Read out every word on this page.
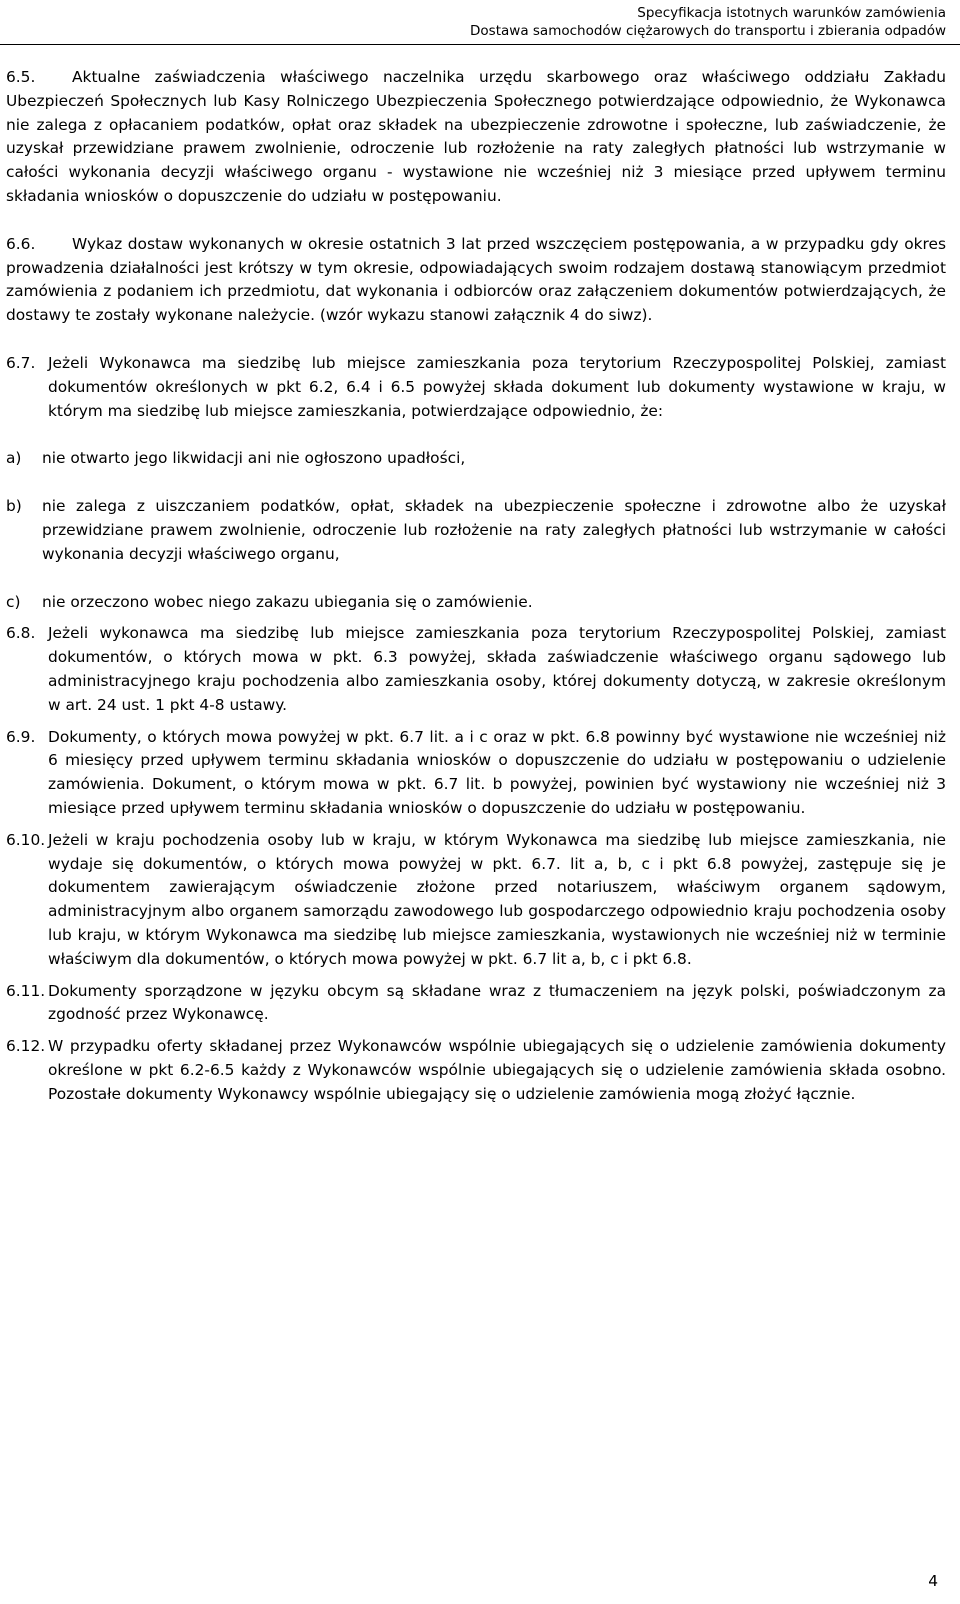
Specyfikacja istotnych warunków zamówienia
Dostawa samochodów ciężarowych do transportu i zbierania odpadów

6.5. Aktualne zaświadczenia właściwego naczelnika urzędu skarbowego oraz właściwego oddziału Zakładu Ubezpieczeń Społecznych lub Kasy Rolniczego Ubezpieczenia Społecznego potwierdzające odpowiednio, że Wykonawca nie zalega z opłacaniem podatków, opłat oraz składek na ubezpieczenie zdrowotne i społeczne, lub zaświadczenie, że uzyskał przewidziane prawem zwolnienie, odroczenie lub rozłożenie na raty zaległych płatności lub wstrzymanie w całości wykonania decyzji właściwego organu - wystawione nie wcześniej niż 3 miesiące przed upływem terminu składania wniosków o dopuszczenie do udziału w postępowaniu.

6.6. Wykaz dostaw wykonanych w okresie ostatnich 3 lat przed wszczęciem postępowania, a w przypadku gdy okres prowadzenia działalności jest krótszy w tym okresie, odpowiadających swoim rodzajem dostawą stanowiącym przedmiot zamówienia z podaniem ich przedmiotu, dat wykonania i odbiorców oraz załączeniem dokumentów potwierdzających, że dostawy te zostały wykonane należycie. (wzór wykazu stanowi załącznik 4 do siwz).

6.7. Jeżeli Wykonawca ma siedzibę lub miejsce zamieszkania poza terytorium Rzeczypospolitej Polskiej, zamiast dokumentów określonych w pkt 6.2, 6.4 i 6.5 powyżej składa dokument lub dokumenty wystawione w kraju, w którym ma siedzibę lub miejsce zamieszkania, potwierdzające odpowiednio, że:

a) nie otwarto jego likwidacji ani nie ogłoszono upadłości,

b) nie zalega z uiszczaniem podatków, opłat, składek na ubezpieczenie społeczne i zdrowotne albo że uzyskał przewidziane prawem zwolnienie, odroczenie lub rozłożenie na raty zaległych płatności lub wstrzymanie w całości wykonania decyzji właściwego organu,

c) nie orzeczono wobec niego zakazu ubiegania się o zamówienie.

6.8. Jeżeli wykonawca ma siedzibę lub miejsce zamieszkania poza terytorium Rzeczypospolitej Polskiej, zamiast dokumentów, o których mowa w pkt. 6.3 powyżej, składa zaświadczenie właściwego organu sądowego lub administracyjnego kraju pochodzenia albo zamieszkania osoby, której dokumenty dotyczą, w zakresie określonym w art. 24 ust. 1 pkt 4-8 ustawy.

6.9. Dokumenty, o których mowa powyżej w pkt. 6.7 lit. a i c oraz w pkt. 6.8 powinny być wystawione nie wcześniej niż 6 miesięcy przed upływem terminu składania wniosków o dopuszczenie do udziału w postępowaniu o udzielenie zamówienia. Dokument, o którym mowa w pkt. 6.7 lit. b powyżej, powinien być wystawiony nie wcześniej niż 3 miesiące przed upływem terminu składania wniosków o dopuszczenie do udziału w postępowaniu.

6.10. Jeżeli w kraju pochodzenia osoby lub w kraju, w którym Wykonawca ma siedzibę lub miejsce zamieszkania, nie wydaje się dokumentów, o których mowa powyżej w pkt. 6.7. lit a, b, c i pkt 6.8 powyżej, zastępuje się je dokumentem zawierającym oświadczenie złożone przed notariuszem, właściwym organem sądowym, administracyjnym albo organem samorządu zawodowego lub gospodarczego odpowiednio kraju pochodzenia osoby lub kraju, w którym Wykonawca ma siedzibę lub miejsce zamieszkania, wystawionych nie wcześniej niż w terminie właściwym dla dokumentów, o których mowa powyżej w pkt. 6.7 lit a, b, c i pkt 6.8.

6.11. Dokumenty sporządzone w języku obcym są składane wraz z tłumaczeniem na język polski, poświadczonym za zgodność przez Wykonawcę.

6.12. W przypadku oferty składanej przez Wykonawców wspólnie ubiegających się o udzielenie zamówienia dokumenty określone w pkt 6.2-6.5 każdy z Wykonawców wspólnie ubiegających się o udzielenie zamówienia składa osobno. Pozostałe dokumenty Wykonawcy wspólnie ubiegający się o udzielenie zamówienia mogą złożyć łącznie.

4
